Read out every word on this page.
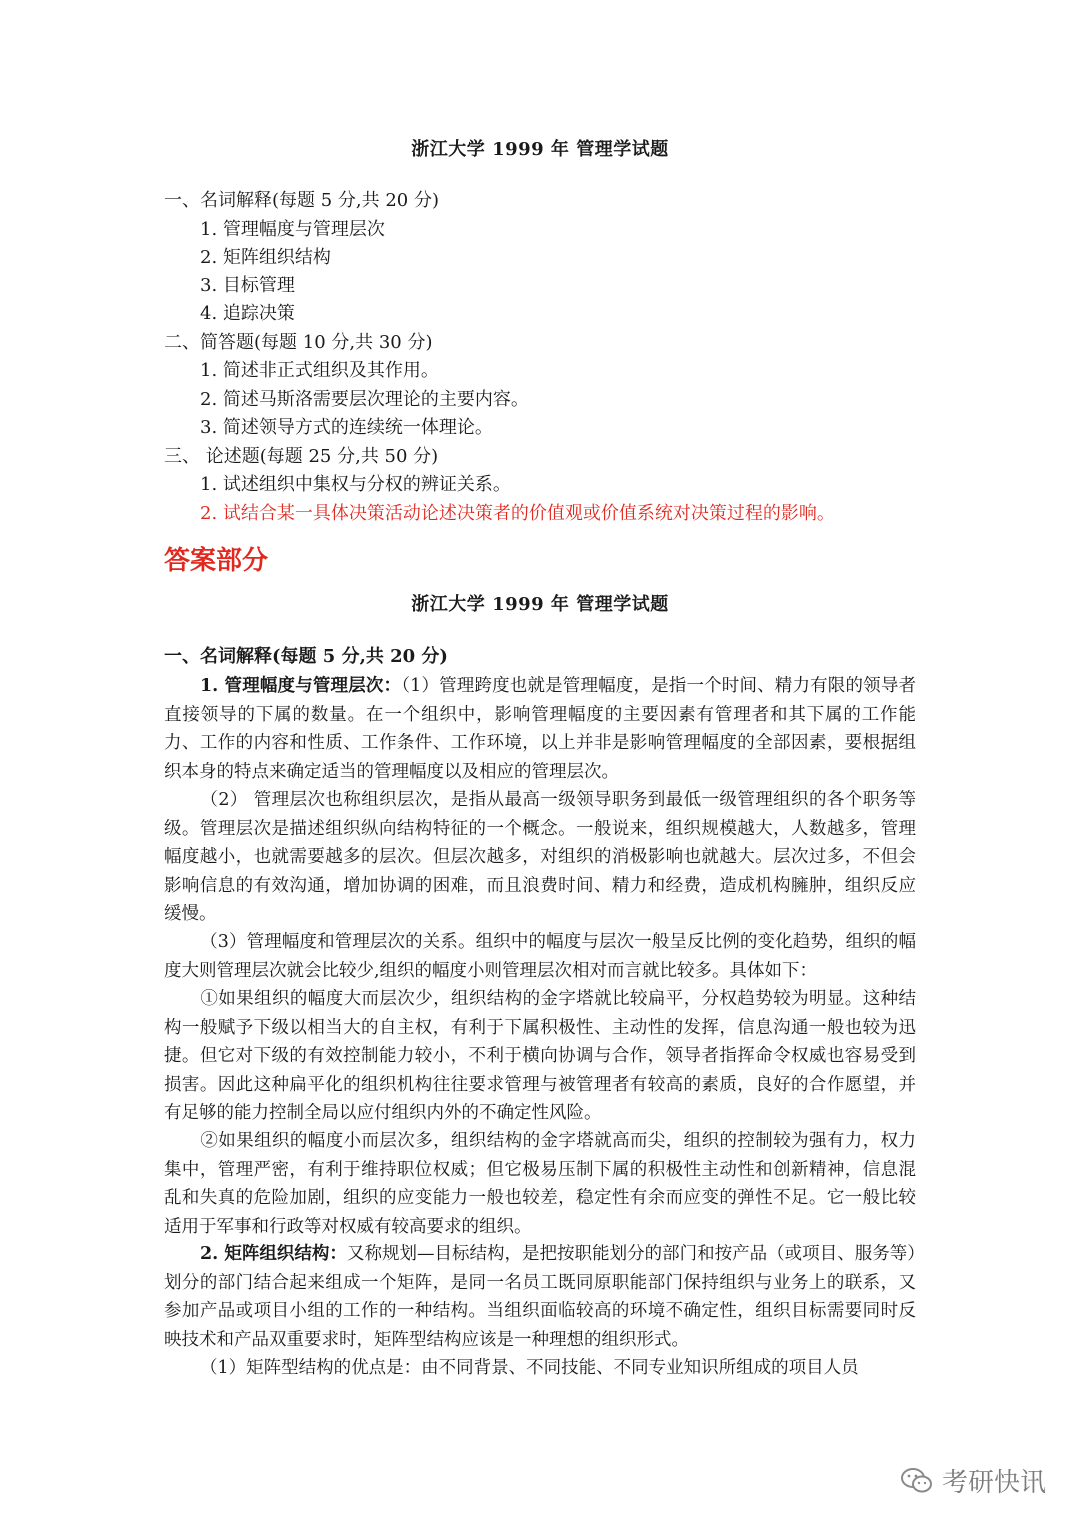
浙江大学 1999 年 管理学试题
一、名词解释(每题 5 分,共 20 分)
1. 管理幅度与管理层次
2. 矩阵组织结构
3. 目标管理
4. 追踪决策
二、简答题(每题 10 分,共 30 分)
1. 简述非正式组织及其作用。
2. 简述马斯洛需要层次理论的主要内容。
3. 简述领导方式的连续统一体理论。
三、 论述题(每题 25 分,共 50 分)
1. 试述组织中集权与分权的辨证关系。
2. 试结合某一具体决策活动论述决策者的价值观或价值系统对决策过程的影响。
答案部分
浙江大学 1999 年 管理学试题
一、名词解释(每题 5 分,共 20 分)
1. 管理幅度与管理层次：（1）管理跨度也就是管理幅度，是指一个时间、精力有限的领导者直接领导的下属的数量。在一个组织中，影响管理幅度的主要因素有管理者和其下属的工作能力、工作的内容和性质、工作条件、工作环境，以上并非是影响管理幅度的全部因素，要根据组织本身的特点来确定适当的管理幅度以及相应的管理层次。
（2） 管理层次也称组织层次，是指从最高一级领导职务到最低一级管理组织的各个职务等级。管理层次是描述组织纵向结构特征的一个概念。一般说来，组织规模越大，人数越多，管理幅度越小，也就需要越多的层次。但层次越多，对组织的消极影响也就越大。层次过多，不但会影响信息的有效沟通，增加协调的困难，而且浪费时间、精力和经费，造成机构臃肿，组织反应缓慢。
（3）管理幅度和管理层次的关系。组织中的幅度与层次一般呈反比例的变化趋势，组织的幅度大则管理层次就会比较少,组织的幅度小则管理层次相对而言就比较多。具体如下：
①如果组织的幅度大而层次少，组织结构的金字塔就比较扁平，分权趋势较为明显。这种结构一般赋予下级以相当大的自主权，有利于下属积极性、主动性的发挥，信息沟通一般也较为迅捷。但它对下级的有效控制能力较小，不利于横向协调与合作，领导者指挥命令权威也容易受到损害。因此这种扁平化的组织机构往往要求管理与被管理者有较高的素质，良好的合作愿望，并有足够的能力控制全局以应付组织内外的不确定性风险。
②如果组织的幅度小而层次多，组织结构的金字塔就高而尖，组织的控制较为强有力，权力集中，管理严密，有利于维持职位权威；但它极易压制下属的积极性主动性和创新精神，信息混乱和失真的危险加剧，组织的应变能力一般也较差，稳定性有余而应变的弹性不足。它一般比较适用于军事和行政等对权威有较高要求的组织。
2. 矩阵组织结构：又称规划—目标结构，是把按职能划分的部门和按产品（或项目、服务等）划分的部门结合起来组成一个矩阵，是同一名员工既同原职能部门保持组织与业务上的联系，又参加产品或项目小组的工作的一种结构。当组织面临较高的环境不确定性，组织目标需要同时反映技术和产品双重要求时，矩阵型结构应该是一种理想的组织形式。
（1）矩阵型结构的优点是：由不同背景、不同技能、不同专业知识所组成的项目人员
考研快讯
